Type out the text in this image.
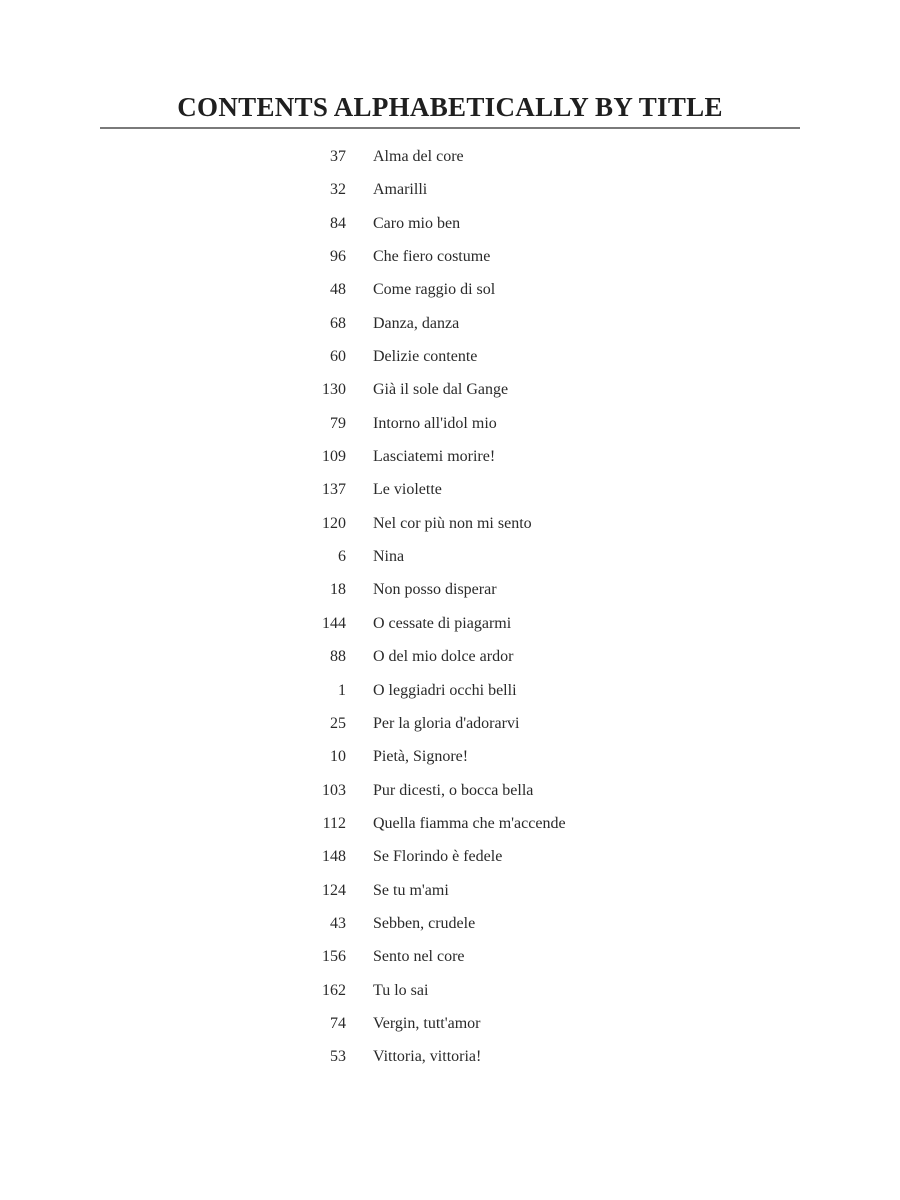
CONTENTS ALPHABETICALLY BY TITLE
37 Alma del core
32 Amarilli
84 Caro mio ben
96 Che fiero costume
48 Come raggio di sol
68 Danza, danza
60 Delizie contente
130 Già il sole dal Gange
79 Intorno all'idol mio
109 Lasciatemi morire!
137 Le violette
120 Nel cor più non mi sento
6 Nina
18 Non posso disperar
144 O cessate di piagarmi
88 O del mio dolce ardor
1 O leggiadri occhi belli
25 Per la gloria d'adorarvi
10 Pietà, Signore!
103 Pur dicesti, o bocca bella
112 Quella fiamma che m'accende
148 Se Florindo è fedele
124 Se tu m'ami
43 Sebben, crudele
156 Sento nel core
162 Tu lo sai
74 Vergin, tutt'amor
53 Vittoria, vittoria!
